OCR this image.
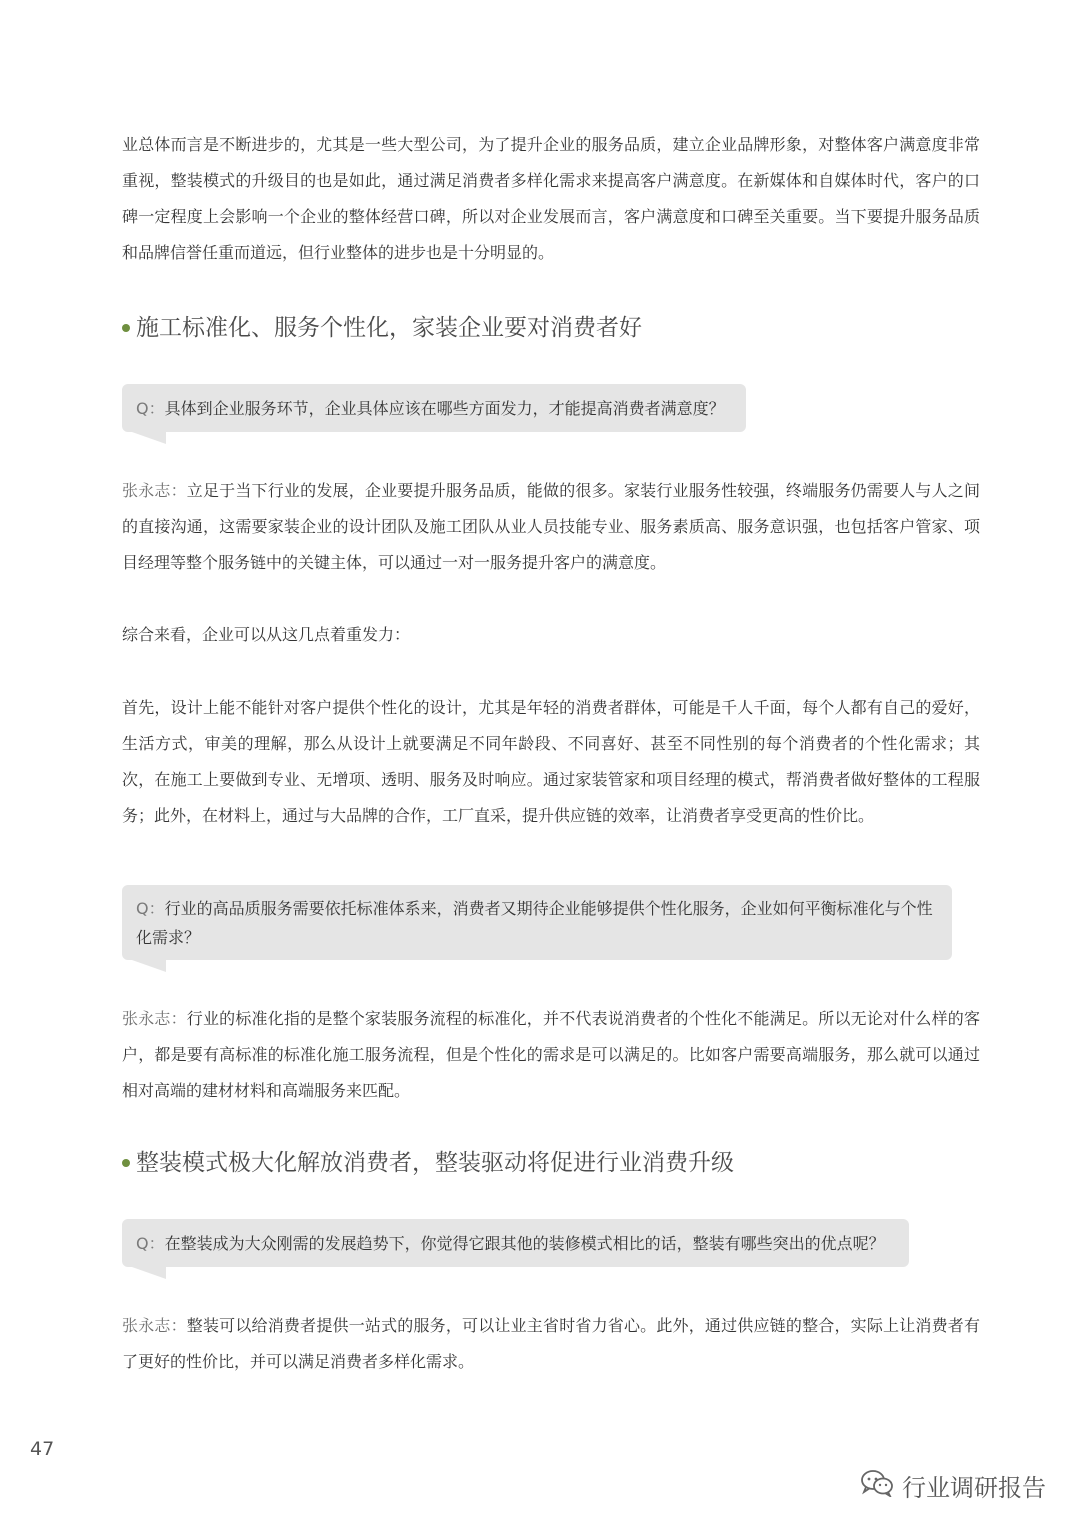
业总体而言是不断进步的，尤其是一些大型公司，为了提升企业的服务品质，建立企业品牌形象，对整体客户满意度非常重视，整装模式的升级目的也是如此，通过满足消费者多样化需求来提高客户满意度。在新媒体和自媒体时代，客户的口碑一定程度上会影响一个企业的整体经营口碑，所以对企业发展而言，客户满意度和口碑至关重要。当下要提升服务品质和品牌信誉任重而道远，但行业整体的进步也是十分明显的。

施工标准化、服务个性化，家装企业要对消费者好
Q：具体到企业服务环节，企业具体应该在哪些方面发力，才能提高消费者满意度？

张永志：立足于当下行业的发展，企业要提升服务品质，能做的很多。家装行业服务性较强，终端服务仍需要人与人之间的直接沟通，这需要家装企业的设计团队及施工团队从业人员技能专业、服务素质高、服务意识强，也包括客户管家、项目经理等整个服务链中的关键主体，可以通过一对一服务提升客户的满意度。

综合来看，企业可以从这几点着重发力：

首先，设计上能不能针对客户提供个性化的设计，尤其是年轻的消费者群体，可能是千人千面，每个人都有自己的爱好，生活方式，审美的理解，那么从设计上就要满足不同年龄段、不同喜好、甚至不同性别的每个消费者的个性化需求；其次，在施工上要做到专业、无增项、透明、服务及时响应。通过家装管家和项目经理的模式，帮消费者做好整体的工程服务；此外，在材料上，通过与大品牌的合作，工厂直采，提升供应链的效率，让消费者享受更高的性价比。

Q：行业的高品质服务需要依托标准体系来，消费者又期待企业能够提供个性化服务，企业如何平衡标准化与个性化需求？

张永志：行业的标准化指的是整个家装服务流程的标准化，并不代表说消费者的个性化不能满足。所以无论对什么样的客户，都是要有高标准的标准化施工服务流程，但是个性化的需求是可以满足的。比如客户需要高端服务，那么就可以通过相对高端的建材材料和高端服务来匹配。

整装模式极大化解放消费者，整装驱动将促进行业消费升级
Q：在整装成为大众刚需的发展趋势下，你觉得它跟其他的装修模式相比的话，整装有哪些突出的优点呢？

张永志：整装可以给消费者提供一站式的服务，可以让业主省时省力省心。此外，通过供应链的整合，实际上让消费者有了更好的性价比，并可以满足消费者多样化需求。

47
行业调研报告
